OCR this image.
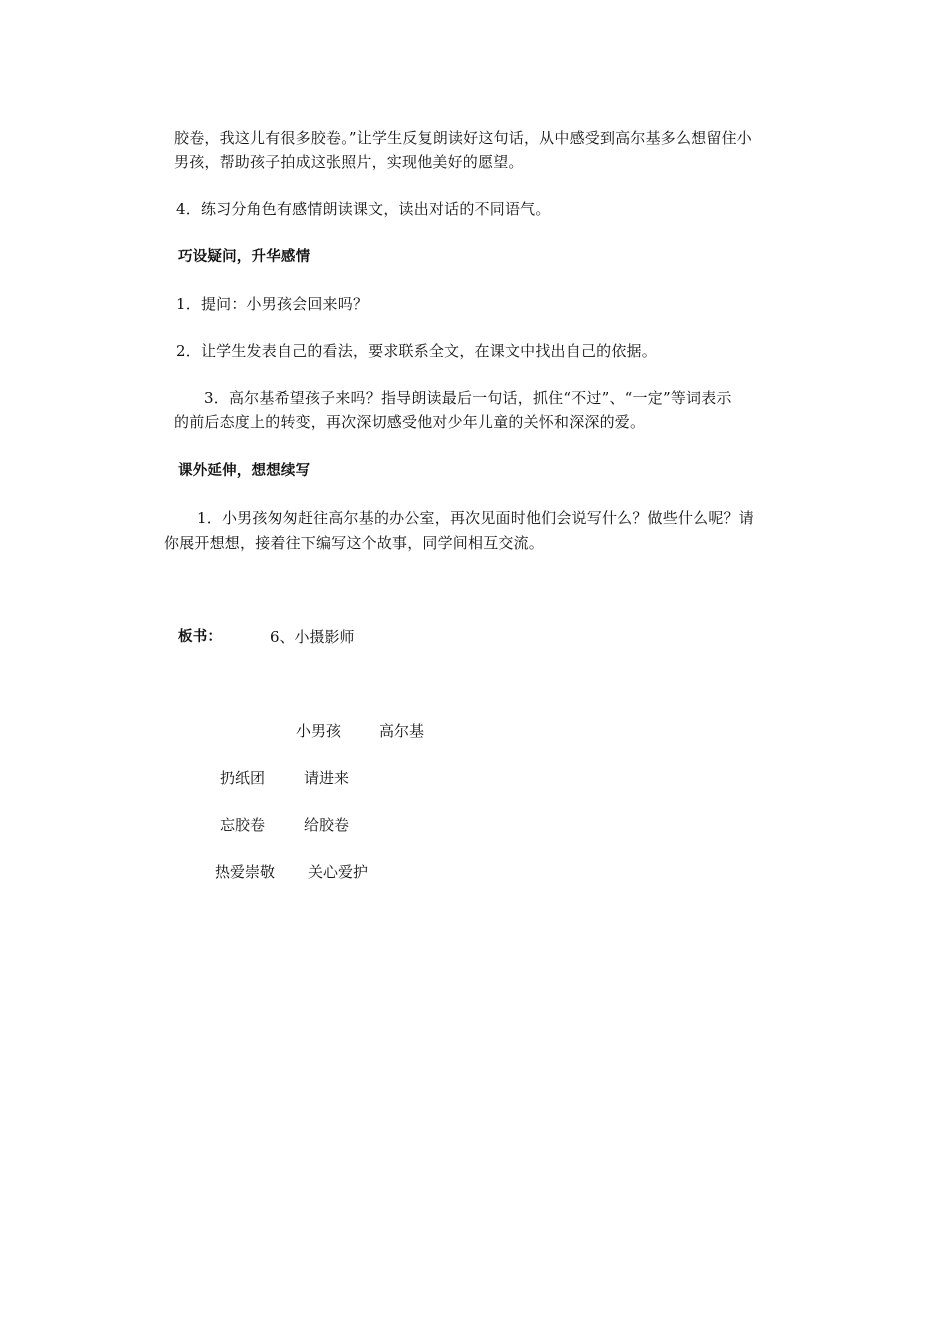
胶卷，我这儿有很多胶卷。”让学生反复朗读好这句话，从中感受到高尔基多么想留住小
男孩，帮助孩子拍成这张照片，实现他美好的愿望。
4．练习分角色有感情朗读课文，读出对话的不同语气。
巧设疑问，升华感情
1．提问：小男孩会回来吗？
2．让学生发表自己的看法，要求联系全文，在课文中找出自己的依据。
3．高尔基希望孩子来吗？指导朗读最后一句话，抓住“不过”、“一定”等词表示
的前后态度上的转变，再次深切感受他对少年儿童的关怀和深深的爱。
课外延伸，想想续写
1．小男孩匆匆赶往高尔基的办公室，再次见面时他们会说写什么？做些什么呢？请
你展开想想，接着往下编写这个故事，同学间相互交流。
板书：	6、小摄影师
小男孩	高尔基
扔纸团	请进来
忘胶卷	给胶卷
热爱崇敬 关心爱护
